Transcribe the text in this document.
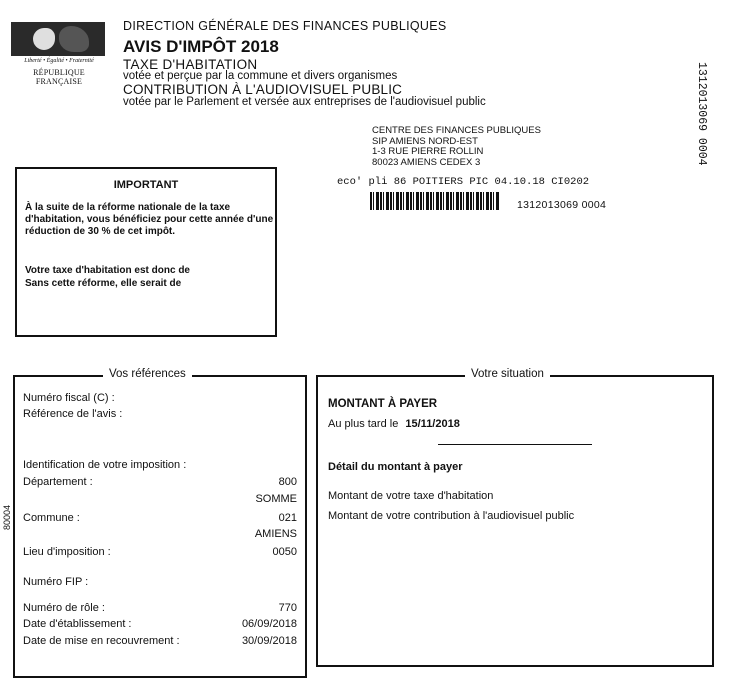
Liberté • Égalité • Fraternité
RÉPUBLIQUE FRANÇAISE
DIRECTION GÉNÉRALE DES FINANCES PUBLIQUES
AVIS D'IMPÔT 2018
TAXE D'HABITATION
votée et perçue par la commune et divers organismes
CONTRIBUTION À L'AUDIOVISUEL PUBLIC
votée par le Parlement et versée aux entreprises de l'audiovisuel public	1312013069 0004
80004
CENTRE DES FINANCES PUBLIQUES
SIP AMIENS NORD-EST
1-3 RUE PIERRE ROLLIN
80023 AMIENS CEDEX 3
eco' pli 86 POITIERS PIC 04.10.18 CI0202
1312013069 0004
IMPORTANT
À la suite de la réforme nationale de la taxe d'habitation, vous bénéficiez pour cette année d'une réduction de 30 % de cet impôt.
Votre taxe d'habitation est donc de
Sans cette réforme, elle serait de
Vos références
Numéro fiscal (C) :
Référence de l'avis :
Identification de votre imposition :
Département :	800
SOMME
Commune :	021
AMIENS
Lieu d'imposition :	0050
Numéro FIP :
Numéro de rôle :	770
Date d'établissement :	06/09/2018
Date de mise en recouvrement :	30/09/2018
Votre situation
MONTANT À PAYER
Au plus tard le 15/11/2018
Détail du montant à payer
Montant de votre taxe d'habitation
Montant de votre contribution à l'audiovisuel public
